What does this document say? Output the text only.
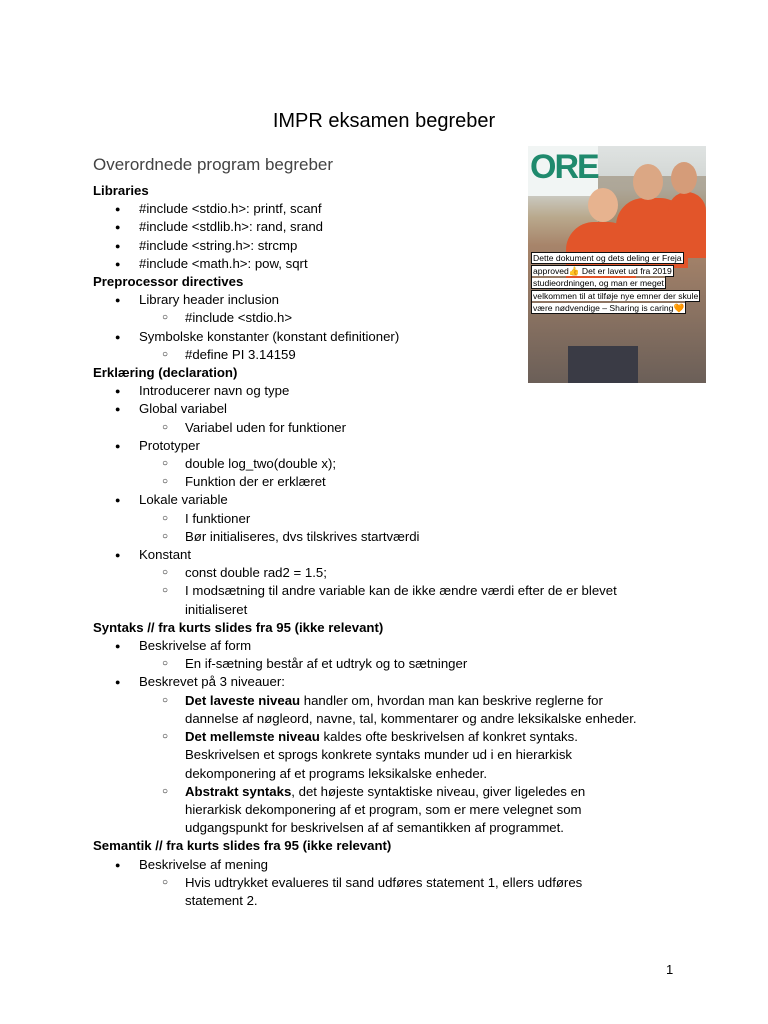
IMPR eksamen begreber
Overordnede program begreber	ORE
Dette dokument og dets deling er Freja approved👍 Det er lavet ud fra 2019 studieordningen, og man er meget velkommen til at tilføje nye emner der skule være nødvendige – Sharing is caring🧡
Libraries
● #include <stdio.h>: printf, scanf
● #include <stdlib.h>: rand, srand
● #include <string.h>: strcmp
● #include <math.h>: pow, sqrt
Preprocessor directives
● Library header inclusion
○ #include <stdio.h>
● Symbolske konstanter (konstant definitioner)
○ #define PI 3.14159
Erklæring (declaration)
● Introducerer navn og type
● Global variabel
○ Variabel uden for funktioner
● Prototyper
○ double log_two(double x);
○ Funktion der er erklæret
● Lokale variable
○ I funktioner
○ Bør initialiseres, dvs tilskrives startværdi
● Konstant
○ const double rad2 = 1.5;
○ I modsætning til andre variable kan de ikke ændre værdi efter de er blevet
initialiseret
Syntaks // fra kurts slides fra 95 (ikke relevant)
● Beskrivelse af form
○ En if-sætning består af et udtryk og to sætninger
● Beskrevet på 3 niveauer:
○ Det laveste niveau handler om, hvordan man kan beskrive reglerne for
dannelse af nøgleord, navne, tal, kommentarer og andre leksikalske enheder.
○ Det mellemste niveau kaldes ofte beskrivelsen af konkret syntaks.
Beskrivelsen et sprogs konkrete syntaks munder ud i en hierarkisk
dekomponering af et programs leksikalske enheder.
○ Abstrakt syntaks, det højeste syntaktiske niveau, giver ligeledes en
hierarkisk dekomponering af et program, som er mere velegnet som
udgangspunkt for beskrivelsen af af semantikken af programmet.
Semantik // fra kurts slides fra 95 (ikke relevant)
● Beskrivelse af mening
○ Hvis udtrykket evalueres til sand udføres statement 1, ellers udføres
statement 2.
1
